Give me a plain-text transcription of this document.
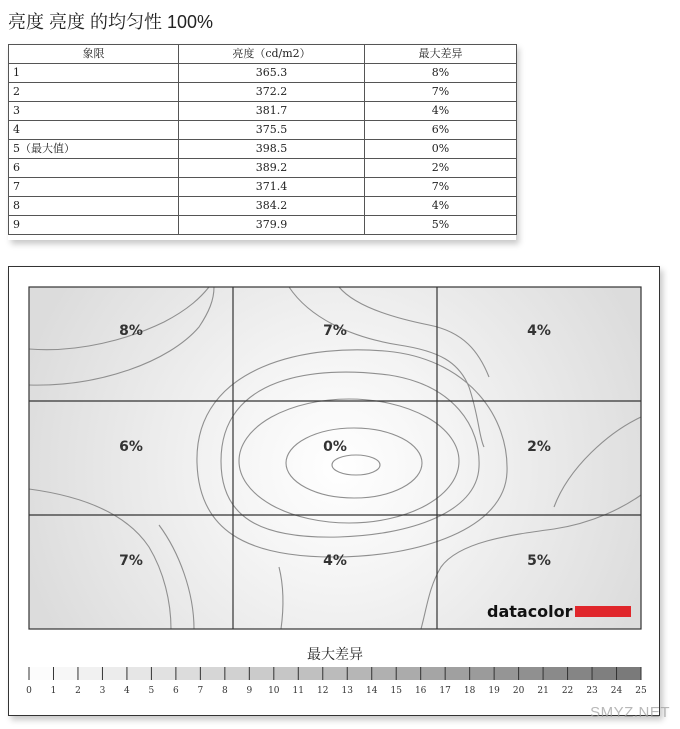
亮度 亮度 的均匀性 100%
象限	亮度（cd/m2）	最大差异
1	365.3	8%
2	372.2	7%
3	381.7	4%
4	375.5	6%
5（最大值）	398.5	0%
6	389.2	2%
7	371.4	7%
8	384.2	4%
9	379.9	5%
8%	7%	4%
6%	0%	2%
7%	4%	5%
datacolor
最大差异
0 1 2 3 4 5 6 7 8 9 10 11 12 13 14 15 16 17 18 19 20 21 22 23 24 25
SMYZ.NET
